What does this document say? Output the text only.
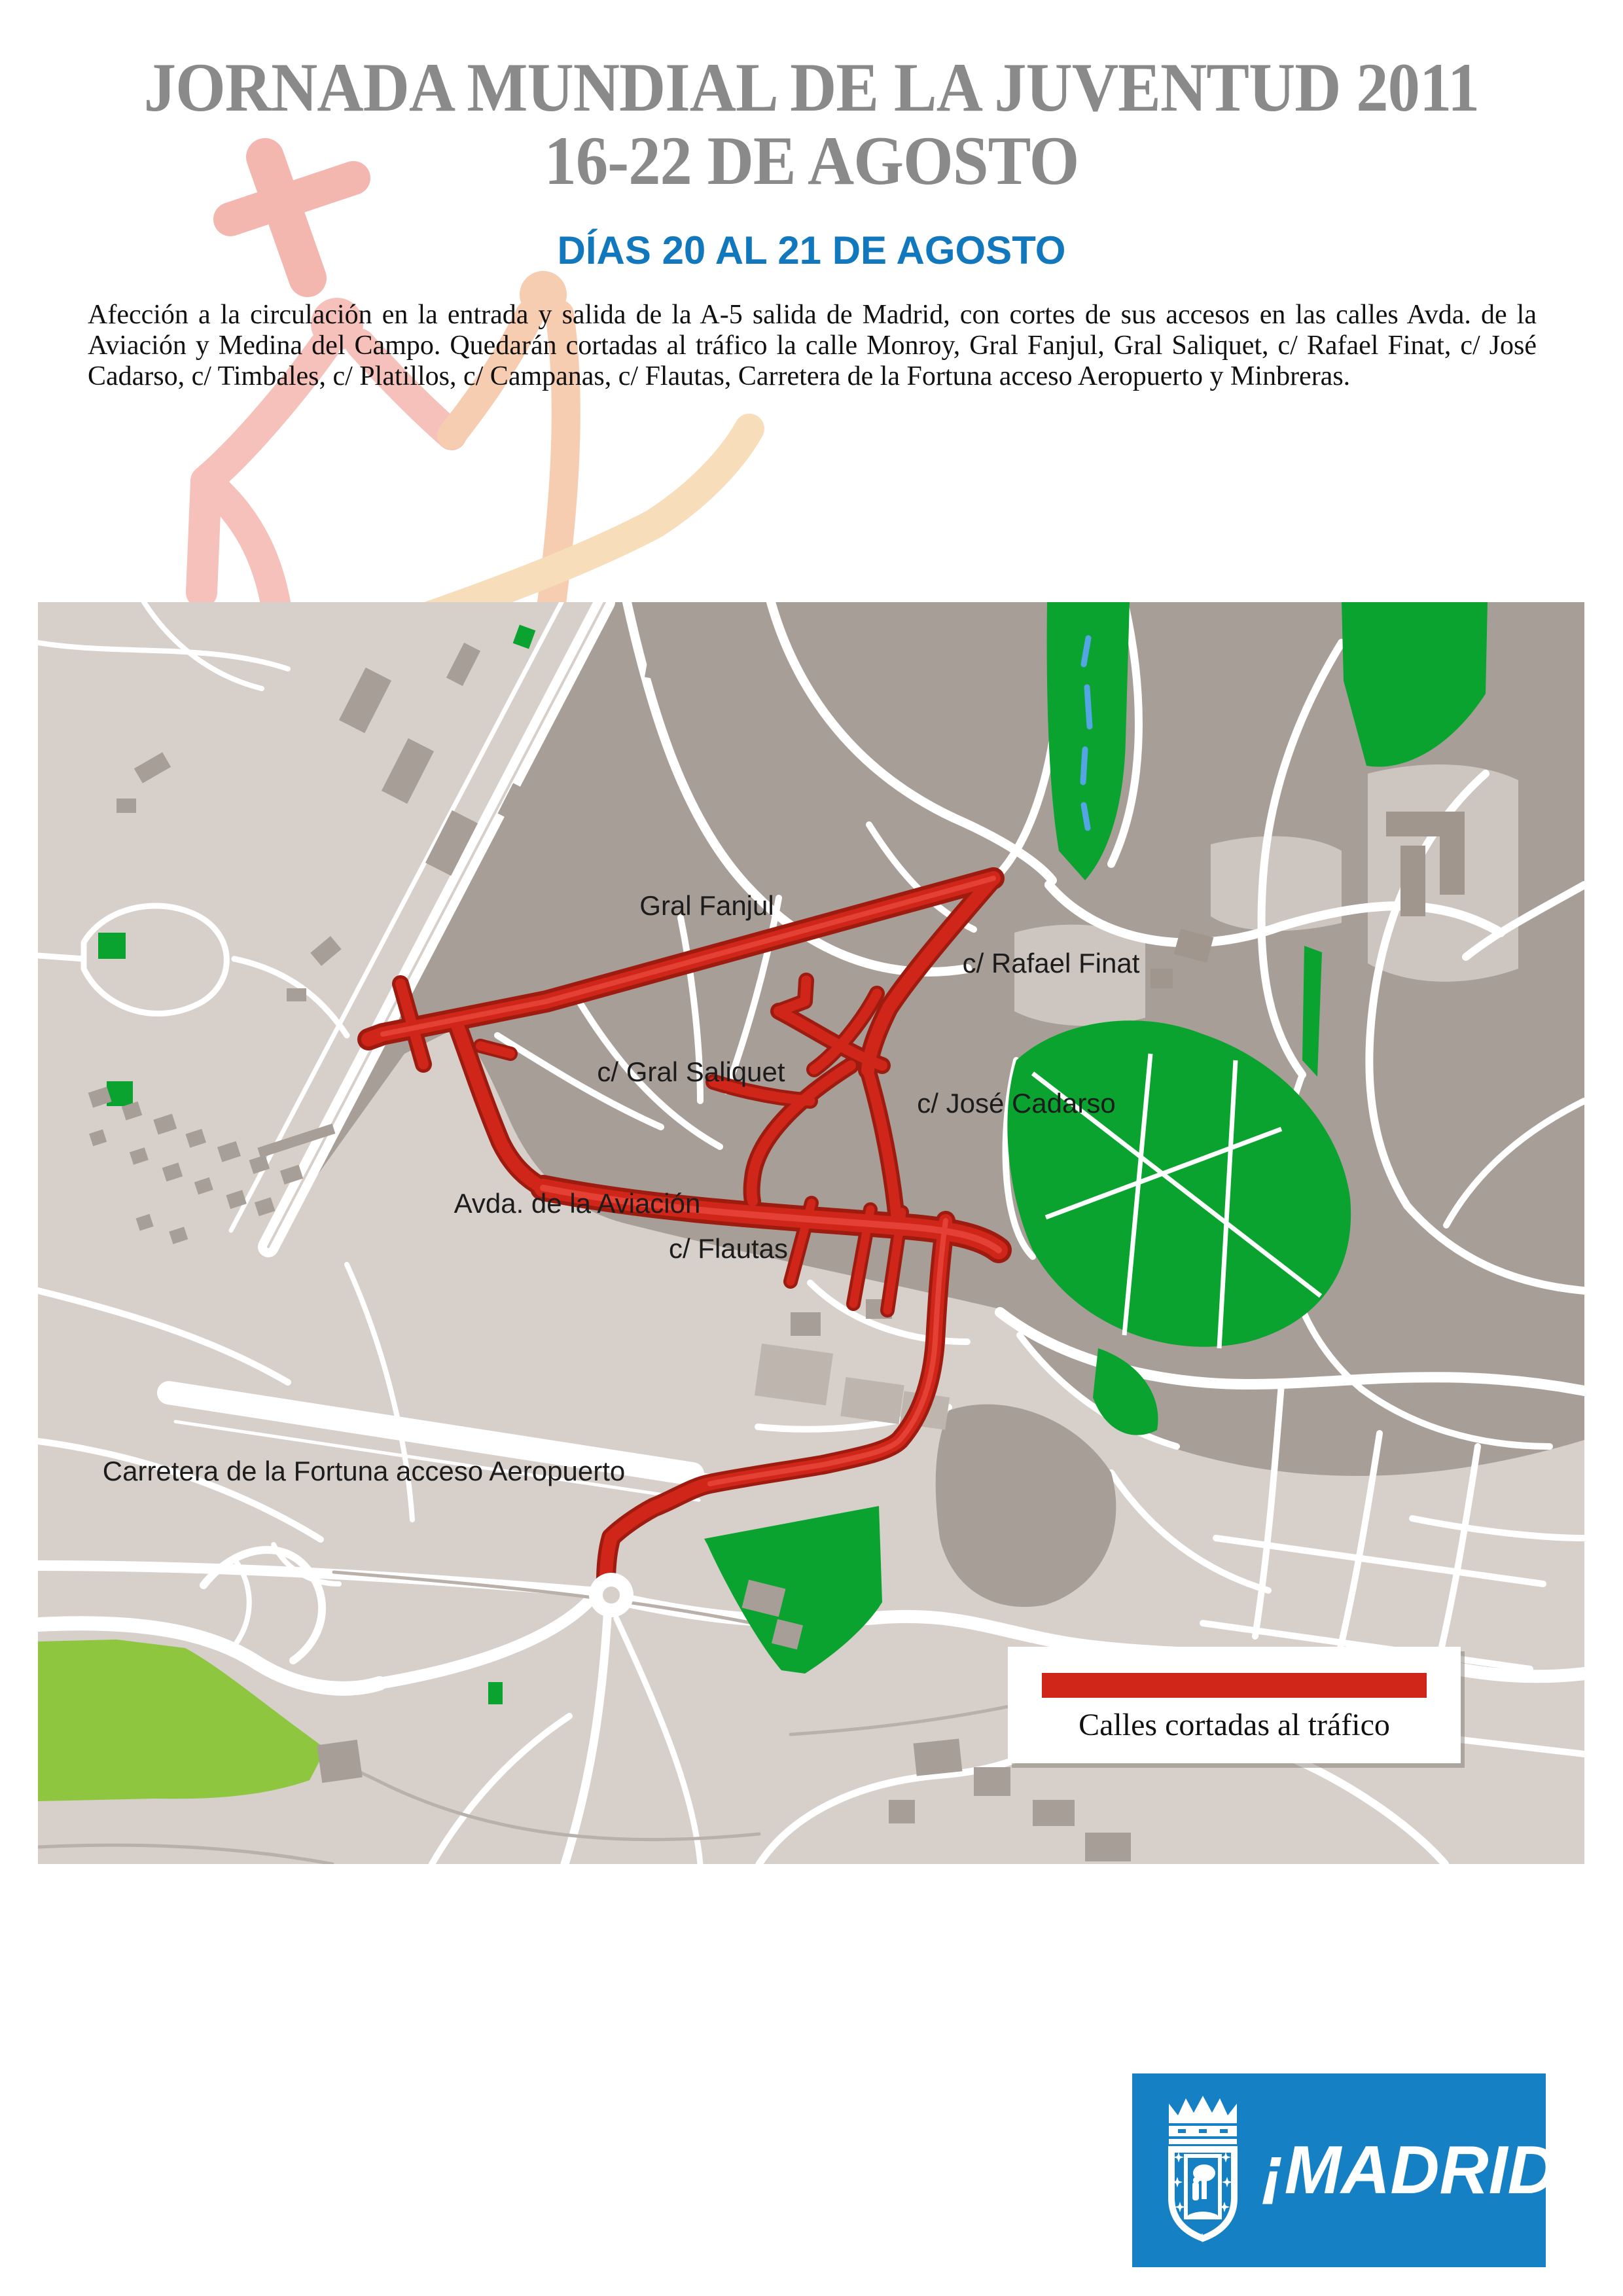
JORNADA MUNDIAL DE LA JUVENTUD 2011
16-22 DE AGOSTO
DÍAS 20 AL 21 DE AGOSTO
Afección a la circulación en la entrada y salida de la A-5 salida de Madrid, con cortes de sus accesos en las calles Avda. de la Aviación y Medina del Campo. Quedarán cortadas al tráfico la calle Monroy, Gral Fanjul, Gral Saliquet, c/ Rafael Finat, c/ José Cadarso, c/ Timbales, c/ Platillos, c/ Campanas, c/ Flautas, Carretera de la Fortuna acceso Aeropuerto y Minbreras.
Gral Fanjul
c/ Rafael Finat
c/ Gral Saliquet
c/ José Cadarso
Avda. de la Aviación
c/ Flautas
Carretera de la Fortuna acceso Aeropuerto
Calles cortadas al tráfico
¡MADRID!
